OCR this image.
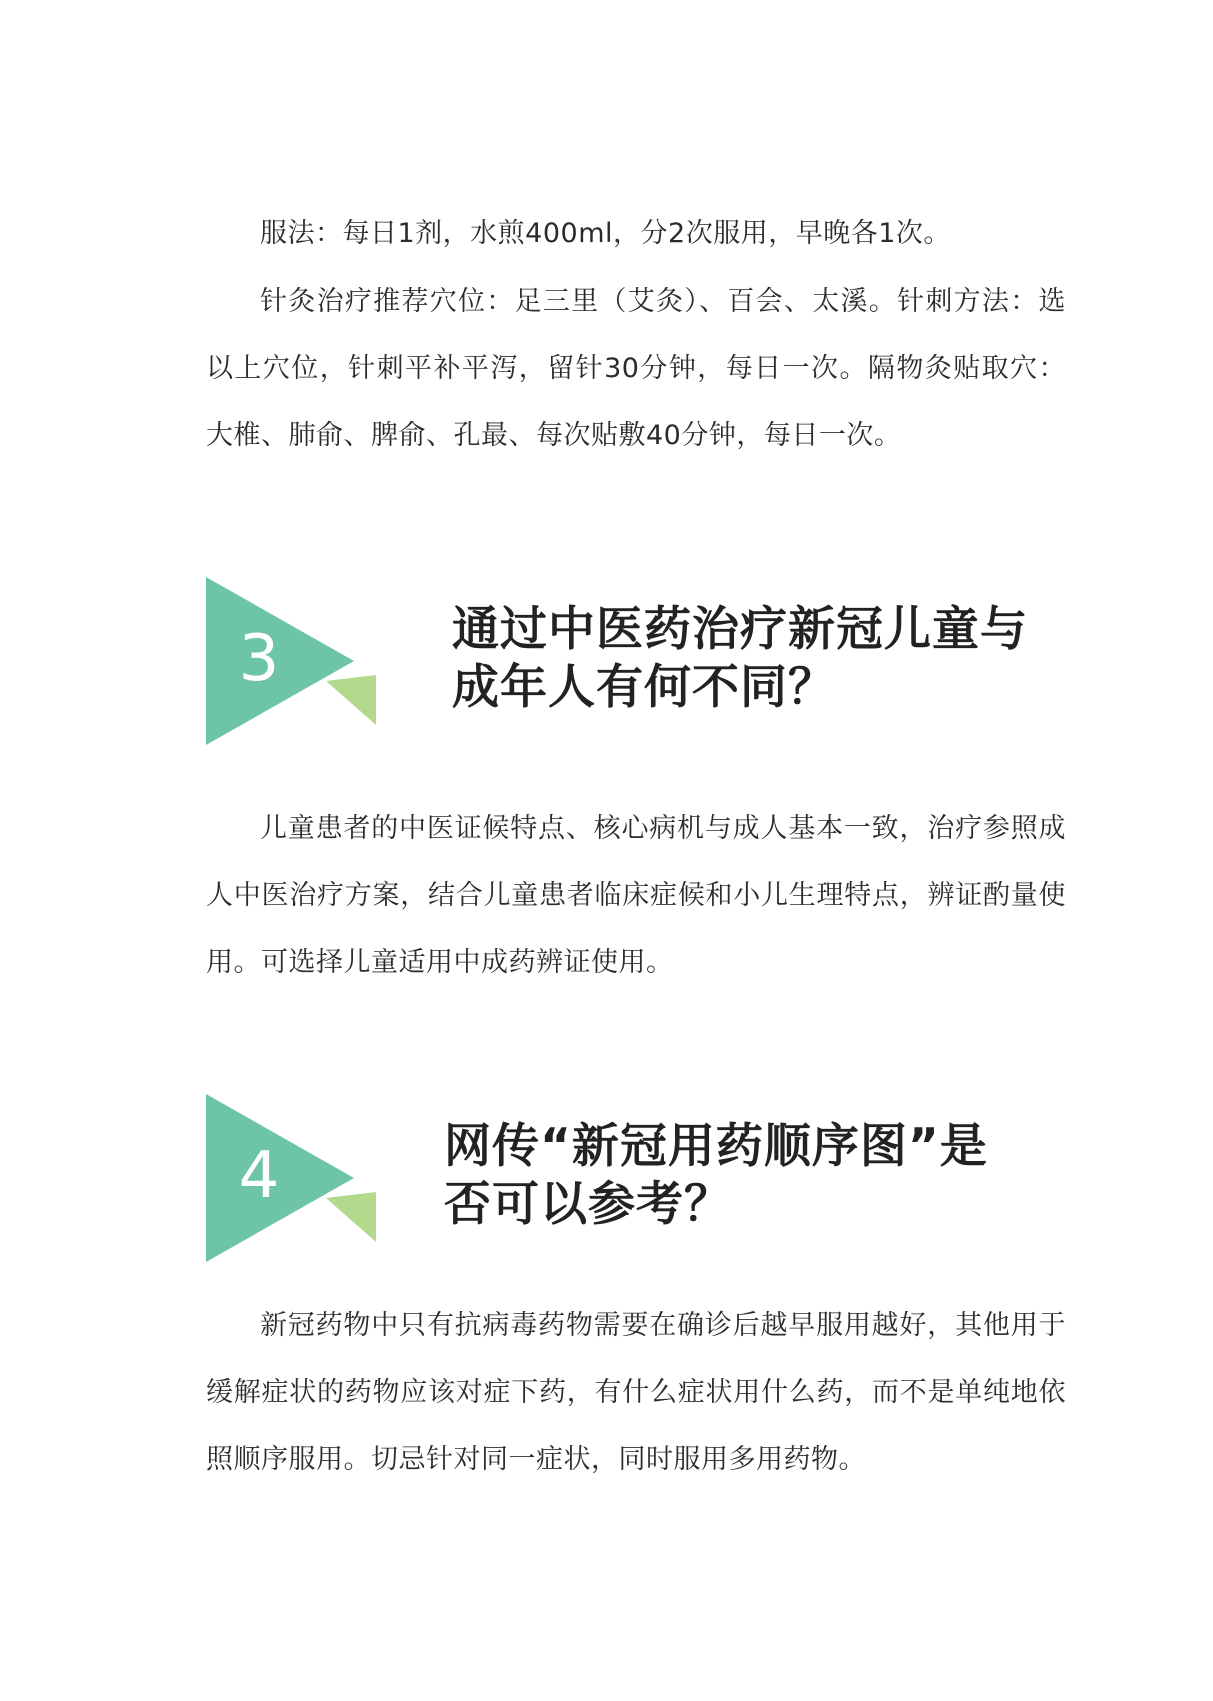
服法：每日1剂，水煎400ml，分2次服用，早晚各1次。

针灸治疗推荐穴位：足三里（艾灸）、百会、太溪。针刺方法：选以上穴位，针刺平补平泻，留针30分钟，每日一次。隔物灸贴取穴：大椎、肺俞、脾俞、孔最、每次贴敷40分钟，每日一次。

3	通过中医药治疗新冠儿童与
成年人有何不同？

儿童患者的中医证候特点、核心病机与成人基本一致，治疗参照成人中医治疗方案，结合儿童患者临床症候和小儿生理特点，辨证酌量使用。可选择儿童适用中成药辨证使用。

4	网传“新冠用药顺序图”是
否可以参考？

新冠药物中只有抗病毒药物需要在确诊后越早服用越好，其他用于缓解症状的药物应该对症下药，有什么症状用什么药，而不是单纯地依照顺序服用。切忌针对同一症状，同时服用多用药物。
